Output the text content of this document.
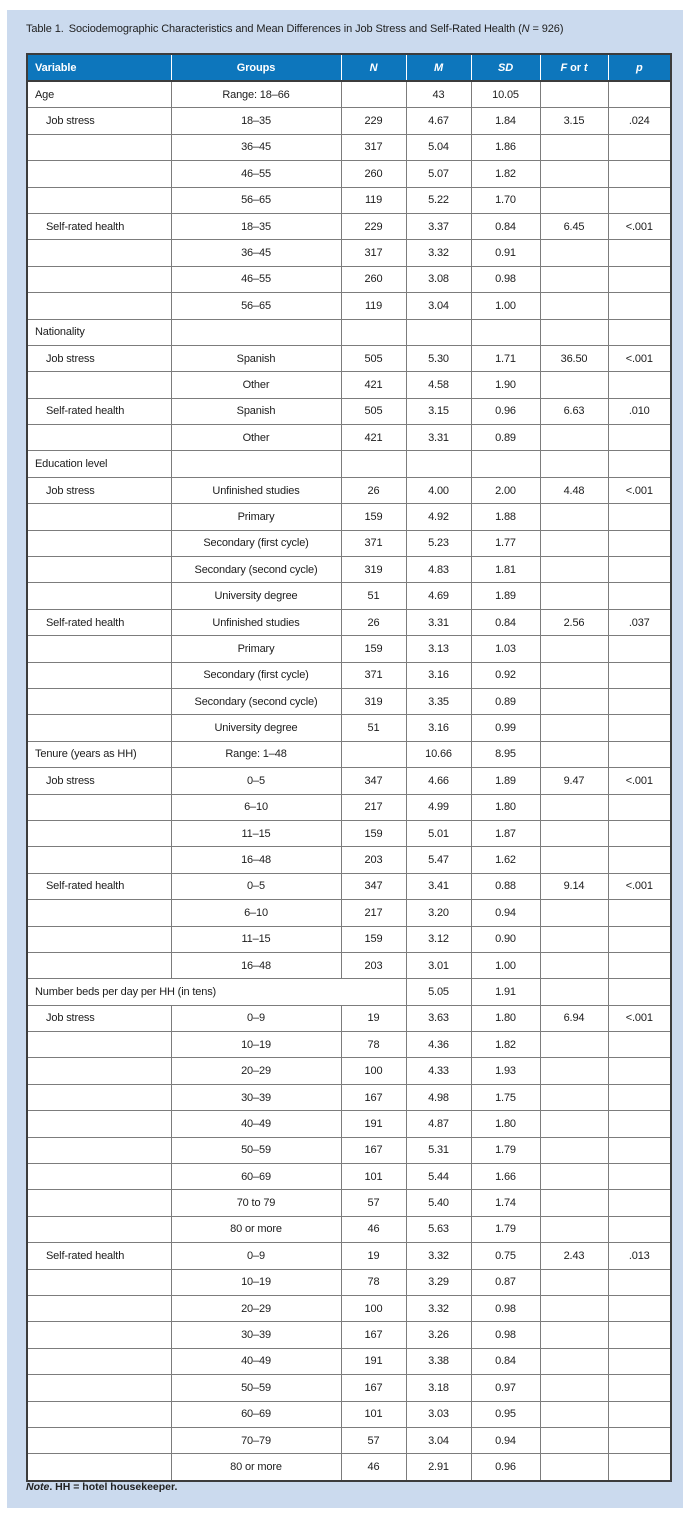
Table 1. Sociodemographic Characteristics and Mean Differences in Job Stress and Self-Rated Health (N = 926)
Variable	Groups	N	M	SD	F or t	p
Age	Range: 18–66		43	10.05		
Job stress	18–35	229	4.67	1.84	3.15	.024
	36–45	317	5.04	1.86		
	46–55	260	5.07	1.82		
	56–65	119	5.22	1.70		
Self-rated health	18–35	229	3.37	0.84	6.45	<.001
	36–45	317	3.32	0.91		
	46–55	260	3.08	0.98		
	56–65	119	3.04	1.00		
Nationality						
Job stress	Spanish	505	5.30	1.71	36.50	<.001
	Other	421	4.58	1.90		
Self-rated health	Spanish	505	3.15	0.96	6.63	.010
	Other	421	3.31	0.89		
Education level						
Job stress	Unfinished studies	26	4.00	2.00	4.48	<.001
	Primary	159	4.92	1.88		
	Secondary (first cycle)	371	5.23	1.77		
	Secondary (second cycle)	319	4.83	1.81		
	University degree	51	4.69	1.89		
Self-rated health	Unfinished studies	26	3.31	0.84	2.56	.037
	Primary	159	3.13	1.03		
	Secondary (first cycle)	371	3.16	0.92		
	Secondary (second cycle)	319	3.35	0.89		
	University degree	51	3.16	0.99		
Tenure (years as HH)	Range: 1–48		10.66	8.95		
Job stress	0–5	347	4.66	1.89	9.47	<.001
	6–10	217	4.99	1.80		
	11–15	159	5.01	1.87		
	16–48	203	5.47	1.62		
Self-rated health	0–5	347	3.41	0.88	9.14	<.001
	6–10	217	3.20	0.94		
	11–15	159	3.12	0.90		
	16–48	203	3.01	1.00		
Number beds per day per HH (in tens)			5.05	1.91		
Job stress	0–9	19	3.63	1.80	6.94	<.001
	10–19	78	4.36	1.82		
	20–29	100	4.33	1.93		
	30–39	167	4.98	1.75		
	40–49	191	4.87	1.80		
	50–59	167	5.31	1.79		
	60–69	101	5.44	1.66		
	70 to 79	57	5.40	1.74		
	80 or more	46	5.63	1.79		
Self-rated health	0–9	19	3.32	0.75	2.43	.013
	10–19	78	3.29	0.87		
	20–29	100	3.32	0.98		
	30–39	167	3.26	0.98		
	40–49	191	3.38	0.84		
	50–59	167	3.18	0.97		
	60–69	101	3.03	0.95		
	70–79	57	3.04	0.94		
	80 or more	46	2.91	0.96		
Note. HH = hotel housekeeper.
